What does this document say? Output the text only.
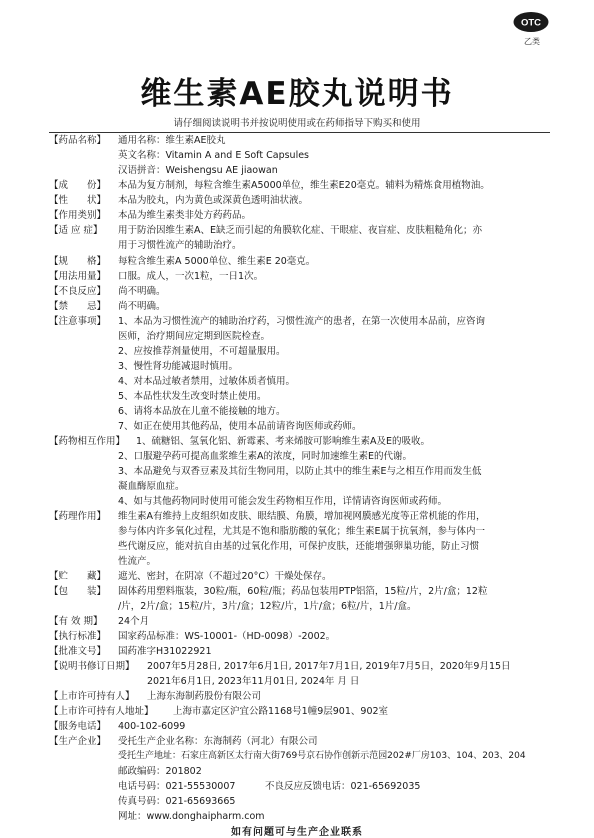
OTC
乙类
维生素AE胶丸说明书
请仔细阅读说明书并按说明使用或在药师指导下购买和使用
【药品名称】 通用名称：维生素AE胶丸
英文名称：Vitamin A and E Soft Capsules
汉语拼音：Weishengsu AE jiaowan
【成　　份】 本品为复方制剂，每粒含维生素A5000单位，维生素E20毫克。辅料为精炼食用植物油。
【性　　状】 本品为胶丸，内为黄色或深黄色透明油状液。
【作用类别】 本品为维生素类非处方药药品。
【适 应 症】 用于防治因维生素A、E缺乏而引起的角膜软化症、干眼症、夜盲症、皮肤粗糙角化；亦
用于习惯性流产的辅助治疗。
【规　　格】 每粒含维生素A 5000单位、维生素E 20毫克。
【用法用量】 口服。成人，一次1粒，一日1次。
【不良反应】 尚不明确。
【禁　　忌】 尚不明确。
【注意事项】 1、本品为习惯性流产的辅助治疗药，习惯性流产的患者，在第一次使用本品前，应咨询
医师，治疗期间应定期到医院检查。
2、应按推荐剂量使用，不可超量服用。
3、慢性肾功能减退时慎用。
4、对本品过敏者禁用，过敏体质者慎用。
5、本品性状发生改变时禁止使用。
6、请将本品放在儿童不能接触的地方。
7、如正在使用其他药品，使用本品前请咨询医师或药师。
【药物相互作用】 1、硫糖铝、氢氧化铝、新霉素、考来烯胺可影响维生素A及E的吸收。
2、口服避孕药可提高血浆维生素A的浓度，同时加速维生素E的代谢。
3、本品避免与双香豆素及其衍生物同用，以防止其中的维生素E与之相互作用而发生低
凝血酶原血症。
4、如与其他药物同时使用可能会发生药物相互作用，详情请咨询医师或药师。
【药理作用】 维生素A有维持上皮组织如皮肤、眼结膜、角膜，增加视网膜感光度等正常机能的作用，
参与体内许多氧化过程，尤其是不饱和脂肪酸的氧化；维生素E属于抗氧剂，参与体内一
些代谢反应，能对抗自由基的过氧化作用，可保护皮肤，还能增强卵巢功能，防止习惯
性流产。
【贮　　藏】 遮光、密封，在阴凉（不超过20°C）干燥处保存。
【包　　装】 固体药用塑料瓶装，30粒/瓶，60粒/瓶；药品包装用PTP铝箔，15粒/片，2片/盒；12粒
/片，2片/盒；15粒/片，3片/盒；12粒/片，1片/盒；6粒/片，1片/盒。
【有 效 期】 24个月
【执行标准】 国家药品标准：WS-10001-（HD-0098）-2002。
【批准文号】 国药准字H31022921
【说明书修订日期】 2007年5月28日, 2017年6月1日, 2017年7月1日, 2019年7月5日，2020年9月15日
2021年6月1日, 2023年11月01日, 2024年 月 日
【上市许可持有人】 上海东海制药股份有限公司
【上市许可持有人地址】 上海市嘉定区沪宜公路1168号1幢9层901、902室
【服务电话】 400-102-6099
【生产企业】 受托生产企业名称：东海制药（河北）有限公司
受托生产地址：石家庄高新区太行南大街769号京石协作创新示范园202#厂房103、104、203、204
邮政编码：201802
电话号码：021-55530007	不良反应反馈电话：021-65692035
传真号码：021-65693665
网址：www.donghaipharm.com
如有问题可与生产企业联系
